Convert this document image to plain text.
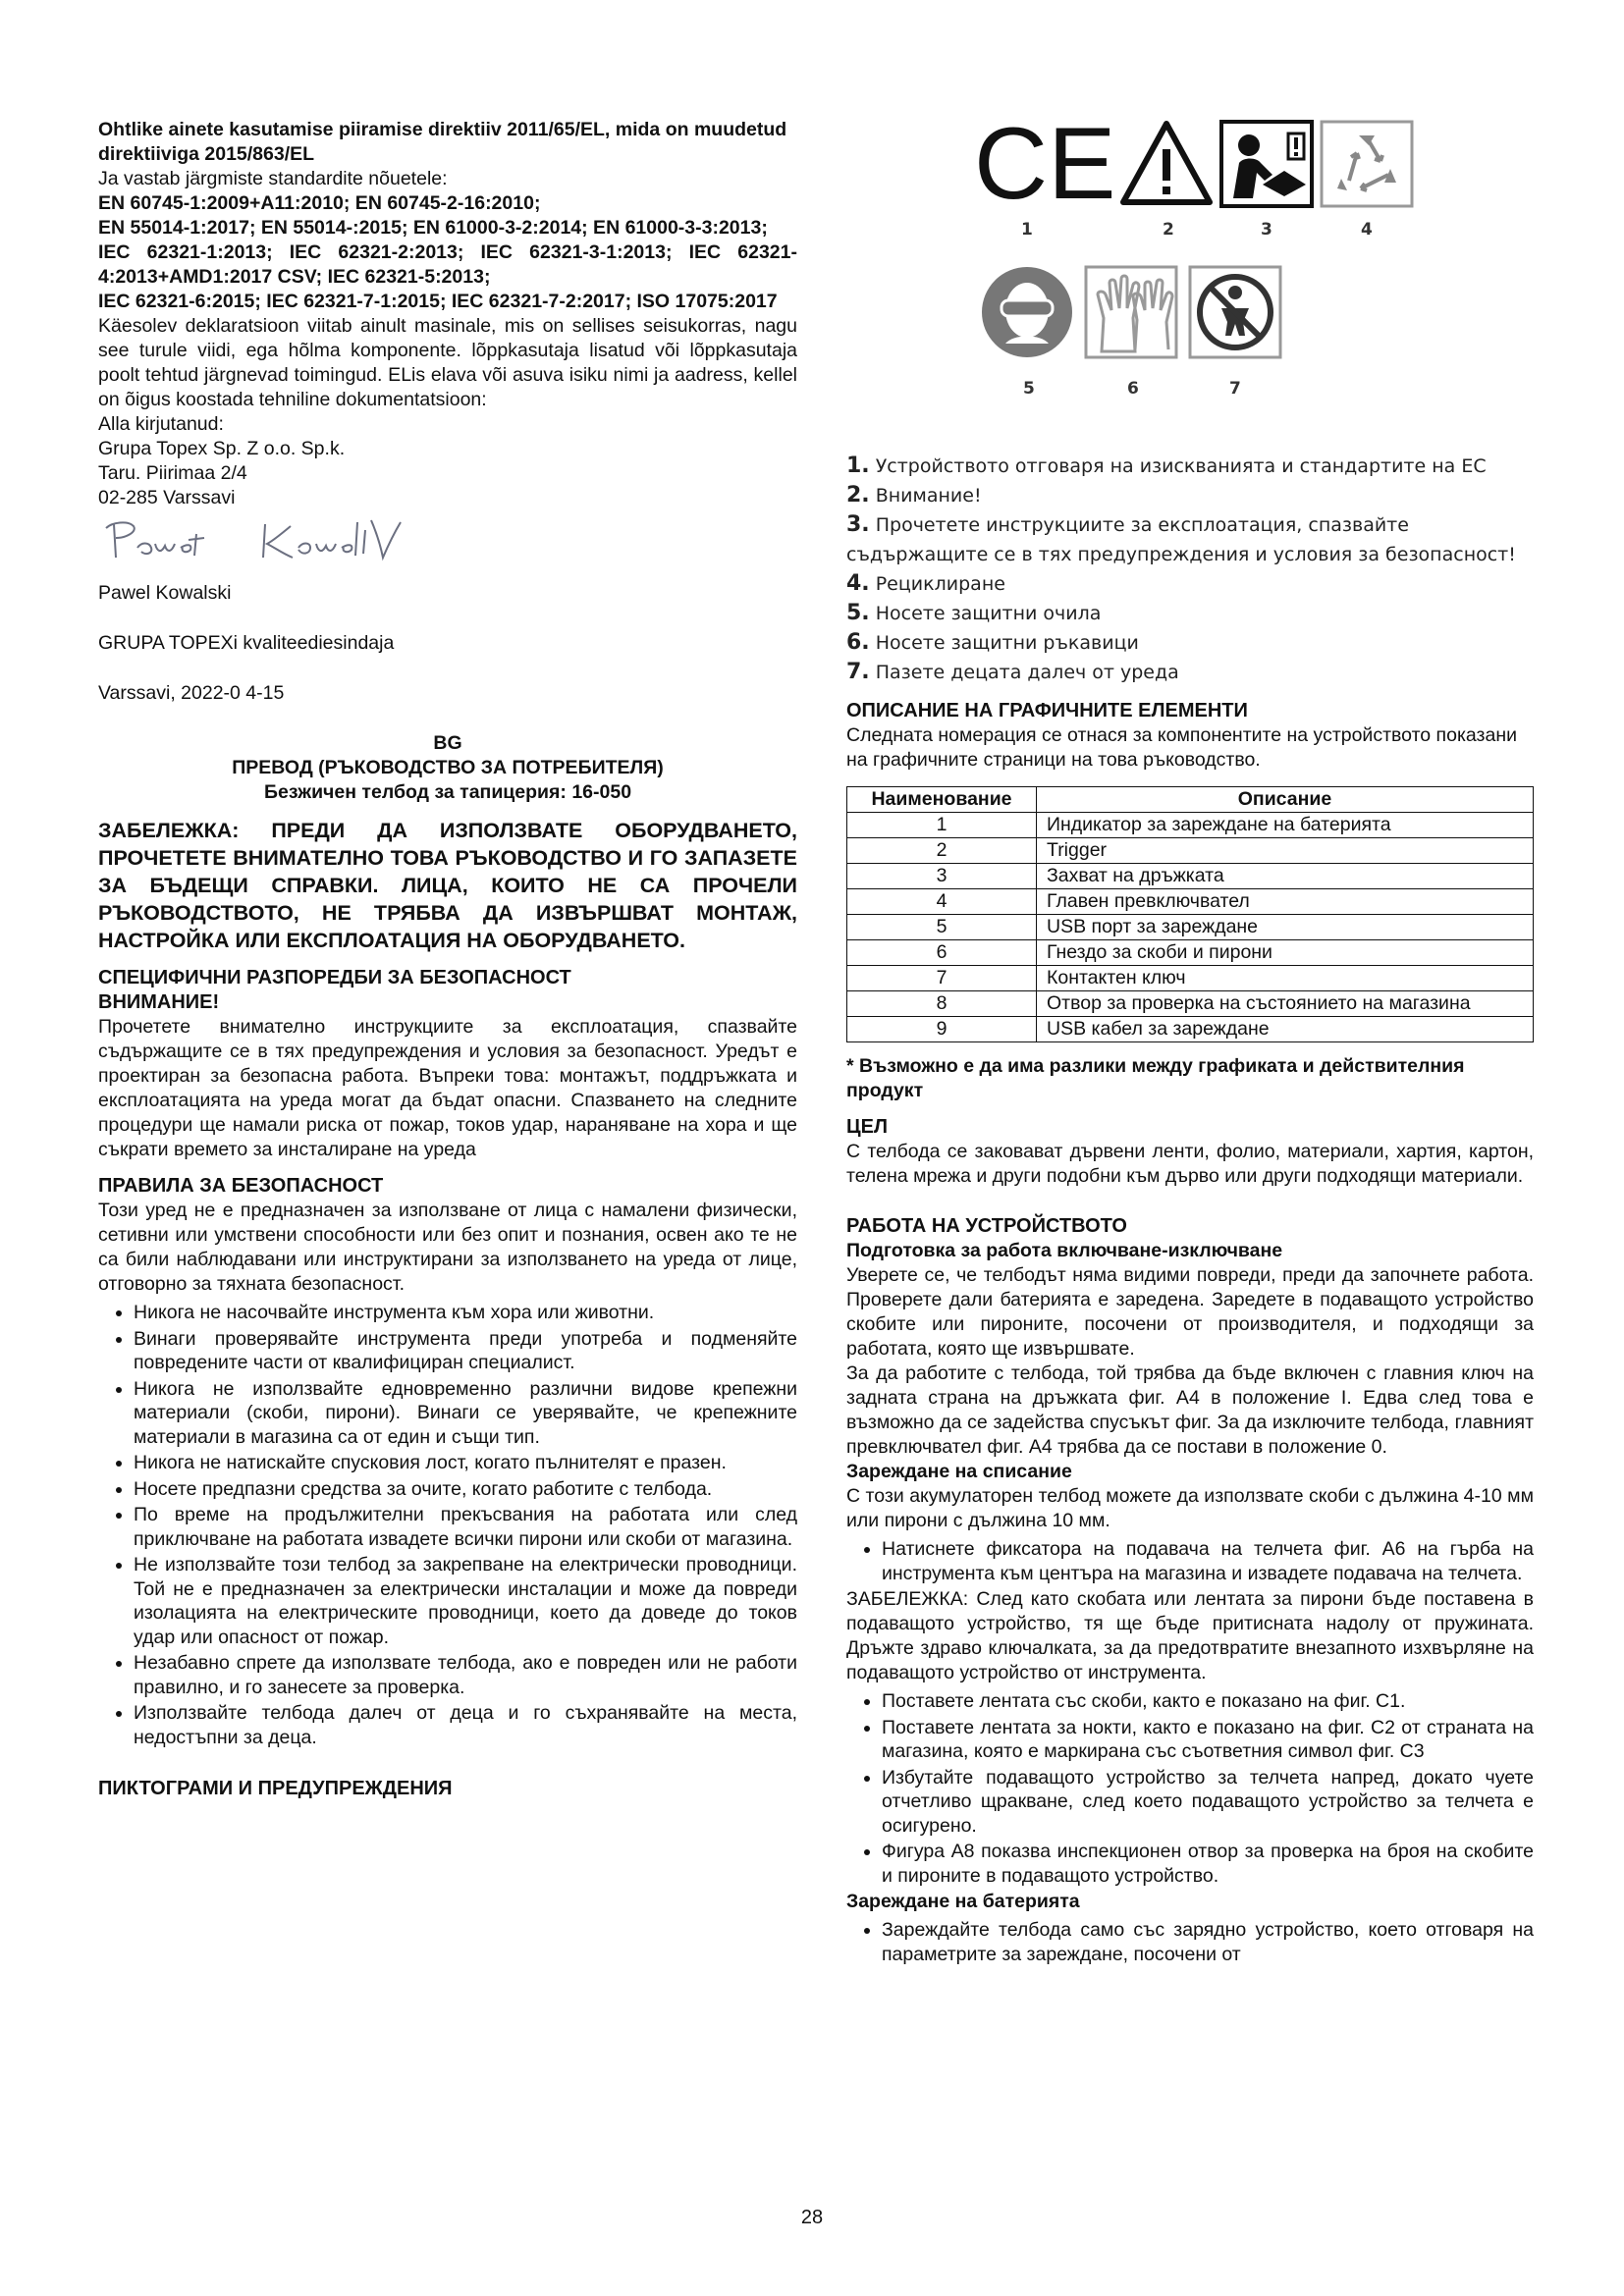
Ohtlike ainete kasutamise piiramise direktiiv 2011/65/EL, mida on muudetud direktiiviga 2015/863/EL

Ja vastab järgmiste standardite nõuetele:

EN 60745-1:2009+A11:2010; EN 60745-2-16:2010;

EN 55014-1:2017; EN 55014-:2015; EN 61000-3-2:2014; EN 61000-3-3:2013;

IEC 62321-1:2013; IEC 62321-2:2013; IEC 62321-3-1:2013; IEC 62321-4:2013+AMD1:2017 CSV; IEC 62321-5:2013;

IEC 62321-6:2015; IEC 62321-7-1:2015; IEC 62321-7-2:2017; ISO 17075:2017

Käesolev deklaratsioon viitab ainult masinale, mis on sellises seisukorras, nagu see turule viidi, ega hõlma komponente. lõppkasutaja lisatud või lõppkasutaja poolt tehtud järgnevad toimingud. ELis elava või asuva isiku nimi ja aadress, kellel on õigus koostada tehniline dokumentatsioon:

Alla kirjutanud:

Grupa Topex Sp. Z o.o. Sp.k.

Taru. Piirimaa 2/4

02-285 Varssavi

Pawel Kowalski

GRUPA TOPEXi kvaliteediesindaja

Varssavi, 2022-0 4-15

BG

ПРЕВОД (РЪКОВОДСТВО ЗА ПОТРЕБИТЕЛЯ)

Безжичен телбод за тапицерия: 16-050

ЗАБЕЛЕЖКА: ПРЕДИ ДА ИЗПОЛЗВАТЕ ОБОРУДВАНЕТО, ПРОЧЕТЕТЕ ВНИМАТЕЛНО ТОВА РЪКОВОДСТВО И ГО ЗАПАЗЕТЕ ЗА БЪДЕЩИ СПРАВКИ. ЛИЦА, КОИТО НЕ СА ПРОЧЕЛИ РЪКОВОДСТВОТО, НЕ ТРЯБВА ДА ИЗВЪРШВАТ МОНТАЖ, НАСТРОЙКА ИЛИ ЕКСПЛОАТАЦИЯ НА ОБОРУДВАНЕТО.

СПЕЦИФИЧНИ РАЗПОРЕДБИ ЗА БЕЗОПАСНОСТ

ВНИМАНИЕ!

Прочетете внимателно инструкциите за експлоатация, спазвайте съдържащите се в тях предупреждения и условия за безопасност. Уредът е проектиран за безопасна работа. Въпреки това: монтажът, поддръжката и експлоатацията на уреда могат да бъдат опасни. Спазването на следните процедури ще намали риска от пожар, токов удар, нараняване на хора и ще съкрати времето за инсталиране на уреда

ПРАВИЛА ЗА БЕЗОПАСНОСТ

Този уред не е предназначен за използване от лица с намалени физически, сетивни или умствени способности или без опит и познания, освен ако те не са били наблюдавани или инструктирани за използването на уреда от лице, отговорно за тяхната безопасност.

• Никога не насочвайте инструмента към хора или животни.
• Винаги проверявайте инструмента преди употреба и подменяйте повредените части от квалифициран специалист.
• Никога не използвайте едновременно различни видове крепежни материали (скоби, пирони). Винаги се уверявайте, че крепежните материали в магазина са от един и същи тип.
• Никога не натискайте спусковия лост, когато пълнителят е празен.
• Носете предпазни средства за очите, когато работите с телбода.
• По време на продължителни прекъсвания на работата или след приключване на работата извадете всички пирони или скоби от магазина.
• Не използвайте този телбод за закрепване на електрически проводници. Той не е предназначен за електрически инсталации и може да повреди изолацията на електрическите проводници, което да доведе до токов удар или опасност от пожар.
• Незабавно спрете да използвате телбода, ако е повреден или не работи правилно, и го занесете за проверка.
• Използвайте телбода далеч от деца и го съхранявайте на места, недостъпни за деца.

ПИКТОГРАМИ И ПРЕДУПРЕЖДЕНИЯ

CE
1	2	3	4
5	6	7
1. Устройството отговаря на изискванията и стандартите на ЕС
2. Внимание!
3. Прочетете инструкциите за експлоатация, спазвайте
съдържащите се в тях предупреждения и условия за безопасност!
4. Рециклиране
5. Носете защитни очила
6. Носете защитни ръкавици
7. Пазете децата далеч от уреда

ОПИСАНИЕ НА ГРАФИЧНИТЕ ЕЛЕМЕНТИ

Следната номерация се отнася за компонентите на устройството показани на графичните страници на това ръководство.

Наименование	Описание
1	Индикатор за зареждане на батерията
2	Trigger
3	Захват на дръжката
4	Главен превключвател
5	USB порт за зареждане
6	Гнездо за скоби и пирони
7	Контактен ключ
8	Отвор за проверка на състоянието на магазина
9	USB кабел за зареждане

* Възможно е да има разлики между графиката и действителния продукт

ЦЕЛ

С телбода се заковават дървени ленти, фолио, материали, хартия, картон, телена мрежа и други подобни към дърво или други подходящи материали.

РАБОТА НА УСТРОЙСТВОТО

Подготовка за работа включване-изключване

Уверете се, че телбодът няма видими повреди, преди да започнете работа. Проверете дали батерията е заредена. Заредете в подаващото устройство скобите или пироните, посочени от производителя, и подходящи за работата, която ще извършвате.

За да работите с телбода, той трябва да бъде включен с главния ключ на задната страна на дръжката фиг. А4 в положение I. Едва след това е възможно да се задейства спусъкът фиг. За да изключите телбода, главният превключвател фиг. А4 трябва да се постави в положение 0.

Зареждане на списание

С този акумулаторен телбод можете да използвате скоби с дължина 4-10 мм или пирони с дължина 10 мм.

• Натиснете фиксатора на подавача на телчета фиг. А6 на гърба на инструмента към центъра на магазина и извадете подавача на телчета.

ЗАБЕЛЕЖКА: След като скобата или лентата за пирони бъде поставена в подаващото устройство, тя ще бъде притисната надолу от пружината. Дръжте здраво ключалката, за да предотвратите внезапното изхвърляне на подаващото устройство от инструмента.

• Поставете лентата със скоби, както е показано на фиг. С1.
• Поставете лентата за нокти, както е показано на фиг. С2 от страната на магазина, която е маркирана със съответния символ фиг. С3
• Избутайте подаващото устройство за телчета напред, докато чуете отчетливо щракване, след което подаващото устройство за телчета е осигурено.
• Фигура А8 показва инспекционен отвор за проверка на броя на скобите и пироните в подаващото устройство.

Зареждане на батерията

• Зареждайте телбода само със зарядно устройство, което отговаря на параметрите за зареждане, посочени от
28
